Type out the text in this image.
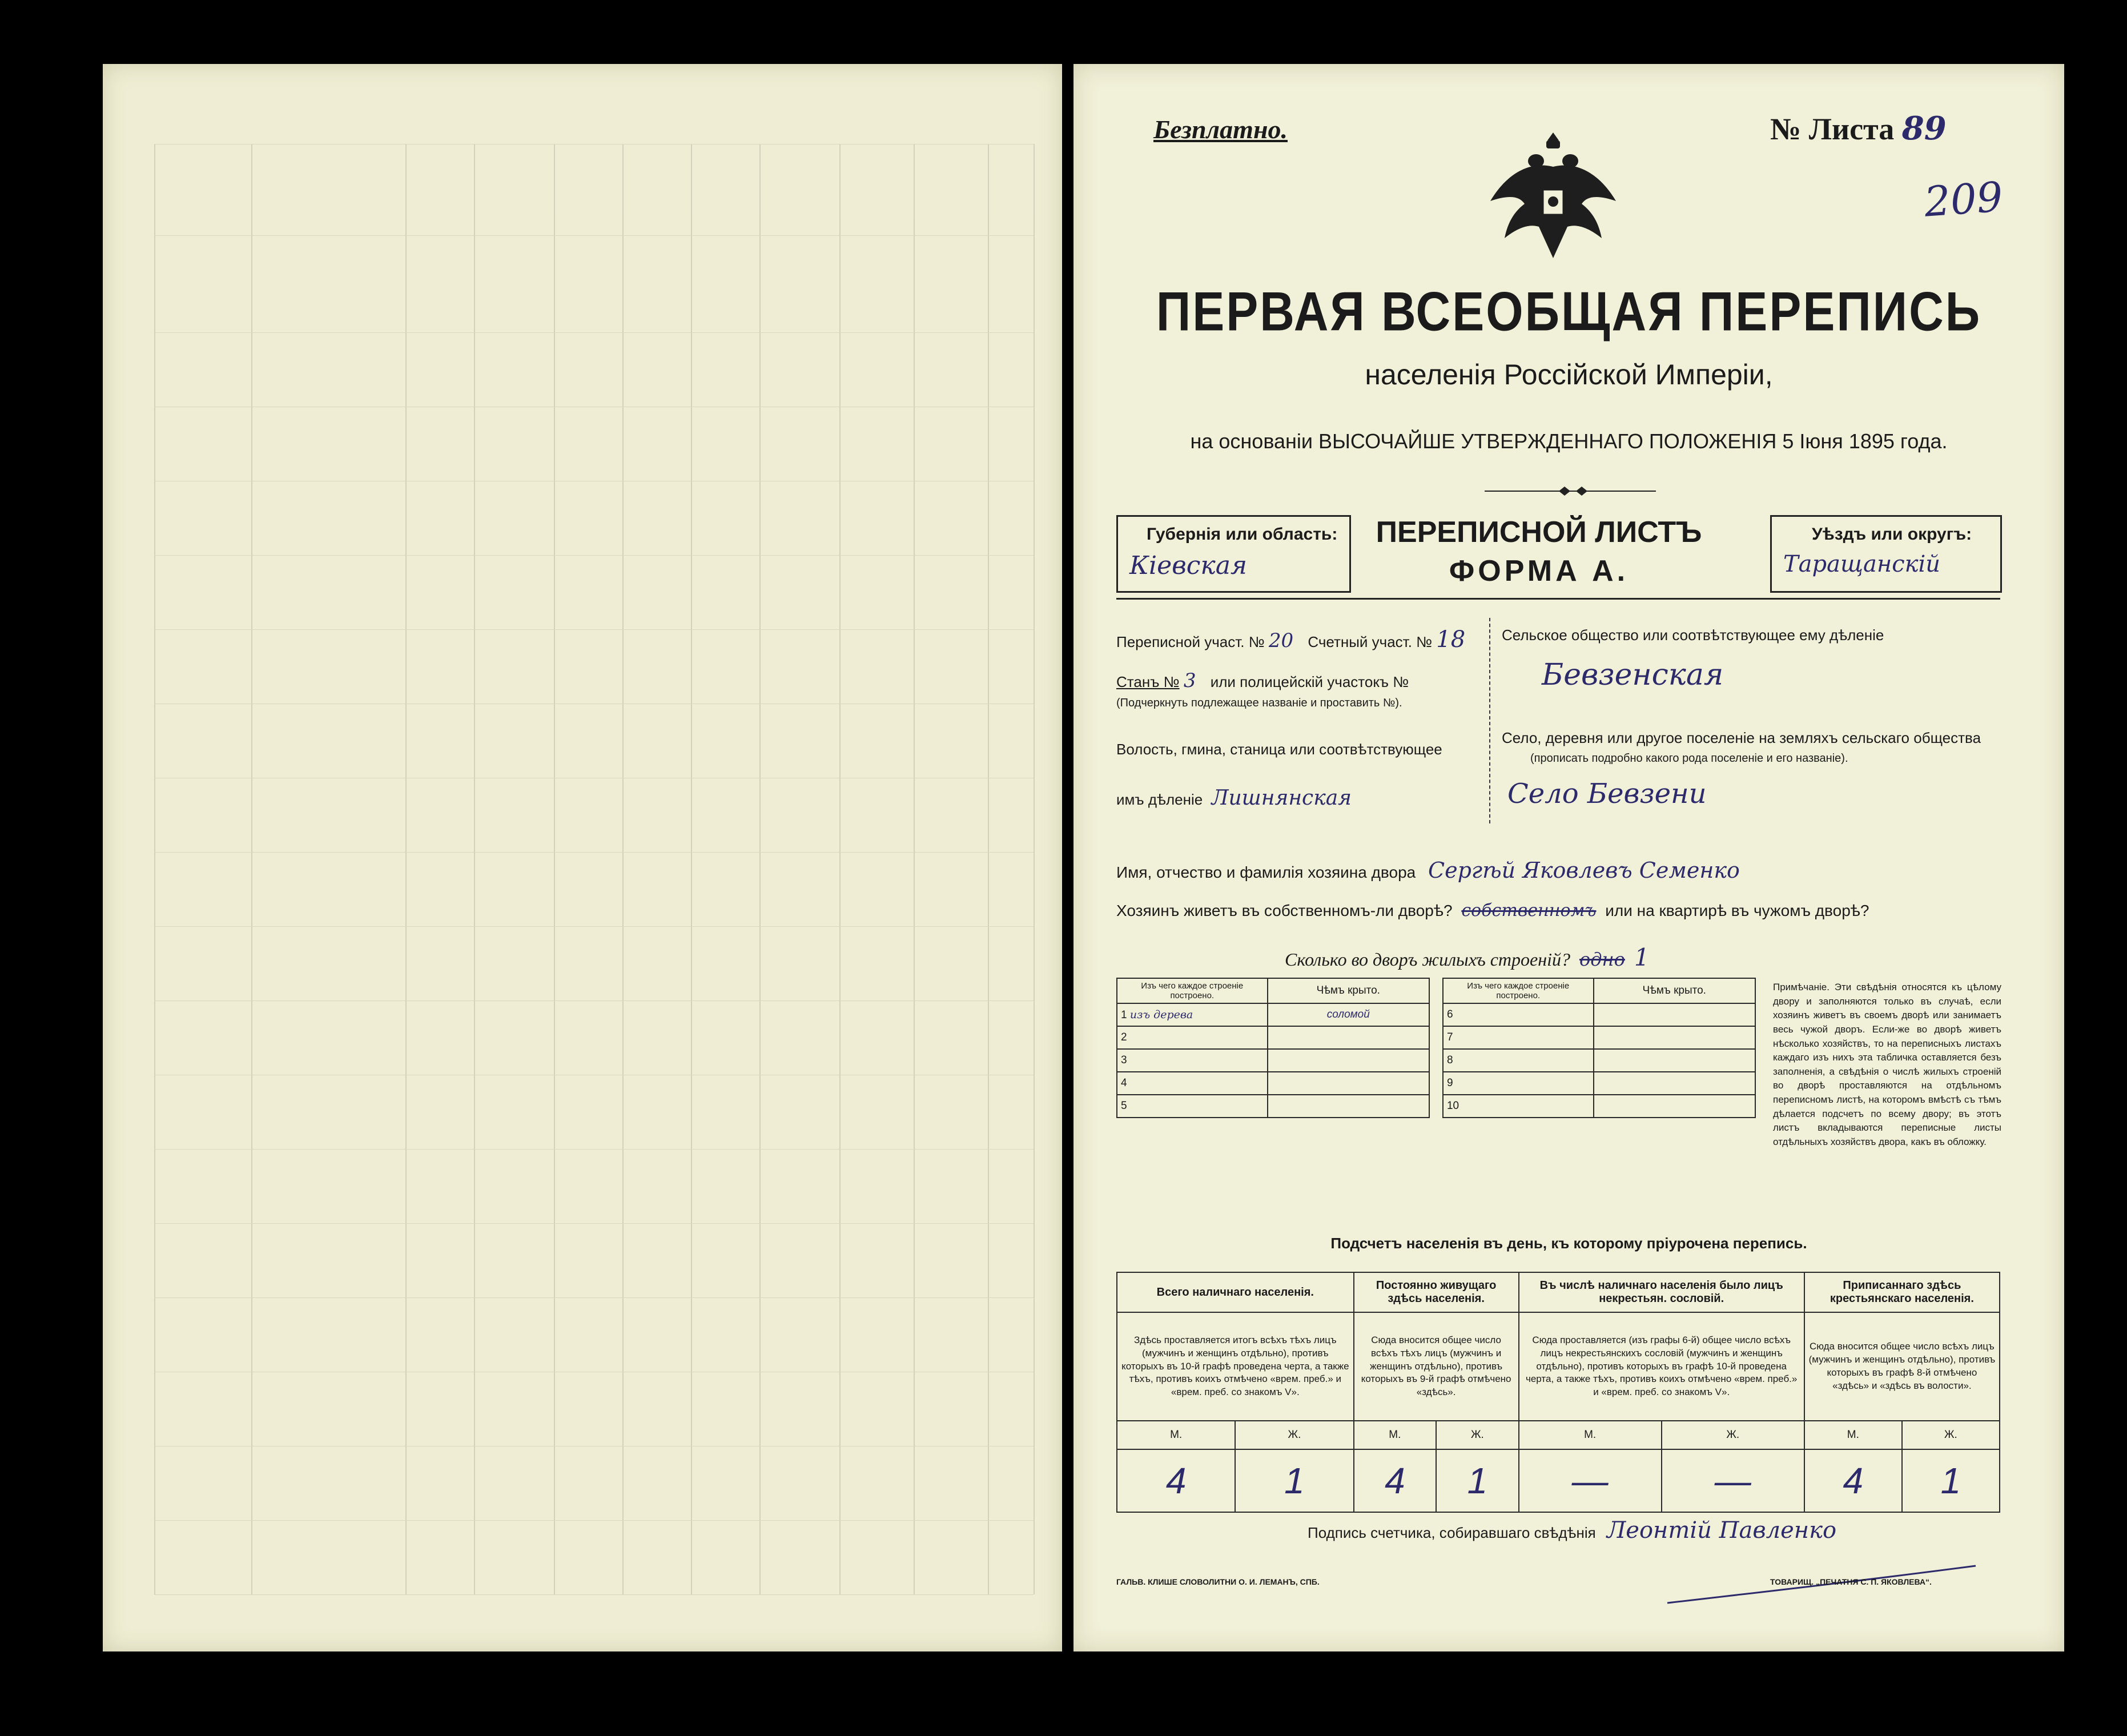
Безплатно.	№ Листа 89
209
ПЕРВАЯ ВСЕОБЩАЯ ПЕРЕПИСЬ
населенія Россійской Имперіи,
на основаніи ВЫСОЧАЙШЕ УТВЕРЖДЕННАГО ПОЛОЖЕНІЯ 5 Іюня 1895 года.
Губернія или область:
Кiевская
ПЕРЕПИСНОЙ ЛИСТЪ
ФОРМА А.
Уѣздъ или округъ:
Таращанскiй
Переписной участ. № 20 Счетный участ. № 18
Станъ № 3 или полицейскій участокъ №
(Подчеркнуть подлежащее названіе и проставить №).
Волость, гмина, станица или соотвѣтствующее
имъ дѣленіе Лишнянская
Сельское общество или соотвѣтствующее ему дѣленіе
Бевзенская
Село, деревня или другое поселеніе на земляхъ сельскаго общества
(прописать подробно какого рода поселеніе и его названіе).
Село Бевзени
Имя, отчество и фамилія хозяина двора Сергѣй Яковлевъ Семенко
Хозяинъ живетъ въ собственномъ-ли дворѣ? собственномъ или на квартирѣ въ чужомъ дворѣ?
Сколько во дворъ жилыхъ строеній? одно 1
Изъ чего каждое строеніе построено.	Чѣмъ крыто.		Изъ чего каждое строеніе построено.	Чѣмъ крыто.
1 изъ дерева	соломой		6	
2			7	
3			8	
4			9	
5			10	
Примѣчаніе. Эти свѣдѣнія относятся къ цѣлому двору и заполняются только въ случаѣ, если хозяинъ живетъ въ своемъ дворѣ или занимаетъ весь чужой дворъ. Если-же во дворѣ живетъ нѣсколько хозяйствъ, то на переписныхъ листахъ каждаго изъ нихъ эта табличка оставляется безъ заполненія, а свѣдѣнія о числѣ жилыхъ строеній во дворѣ проставляются на отдѣльномъ переписномъ листѣ, на которомъ вмѣстѣ съ тѣмъ дѣлается подсчетъ по всему двору; въ этотъ листъ вкладываются переписные листы отдѣльныхъ хозяйствъ двора, какъ въ обложку.
Подсчетъ населенія въ день, къ которому пріурочена перепись.
Всего наличнаго населенія.		Постоянно живущаго здѣсь населенія.		Въ числѣ наличнаго населенія было лицъ некрестьян. сословій.		Приписаннаго здѣсь крестьянскаго населенія.	
Здѣсь проставляется итогъ всѣхъ тѣхъ лицъ (мужчинъ и женщинъ отдѣльно), противъ которыхъ въ 10-й графѣ проведена черта, а также тѣхъ, противъ коихъ отмѣчено «врем. преб.» и «врем. преб. со знакомъ V».		Сюда вносится общее число всѣхъ тѣхъ лицъ (мужчинъ и женщинъ отдѣльно), противъ которыхъ въ 9-й графѣ отмѣчено «здѣсь».		Сюда проставляется (изъ графы 6-й) общее число всѣхъ лицъ некрестьянскихъ сословій (мужчинъ и женщинъ отдѣльно), противъ которыхъ въ графѣ 10-й проведена черта, а также тѣхъ, противъ коихъ отмѣчено «врем. преб.» и «врем. преб. со знакомъ V».		Сюда вносится общее число всѣхъ лицъ (мужчинъ и женщинъ отдѣльно), противъ которыхъ въ графѣ 8-й отмѣчено «здѣсь» и «здѣсь въ волости».	
М.	Ж.	М.	Ж.	М.	Ж.	М.	Ж.
4	1	4	1	—	—	4	1
Подпись счетчика, собиравшаго свѣдѣнія Леонтiй Павленко
ГАЛЬВ. КЛИШЕ СЛОВОЛИТНИ О. И. ЛЕМАНЪ, СПБ.	ТОВАРИЩ. „ПЕЧАТНЯ С. П. ЯКОВЛЕВА“.
